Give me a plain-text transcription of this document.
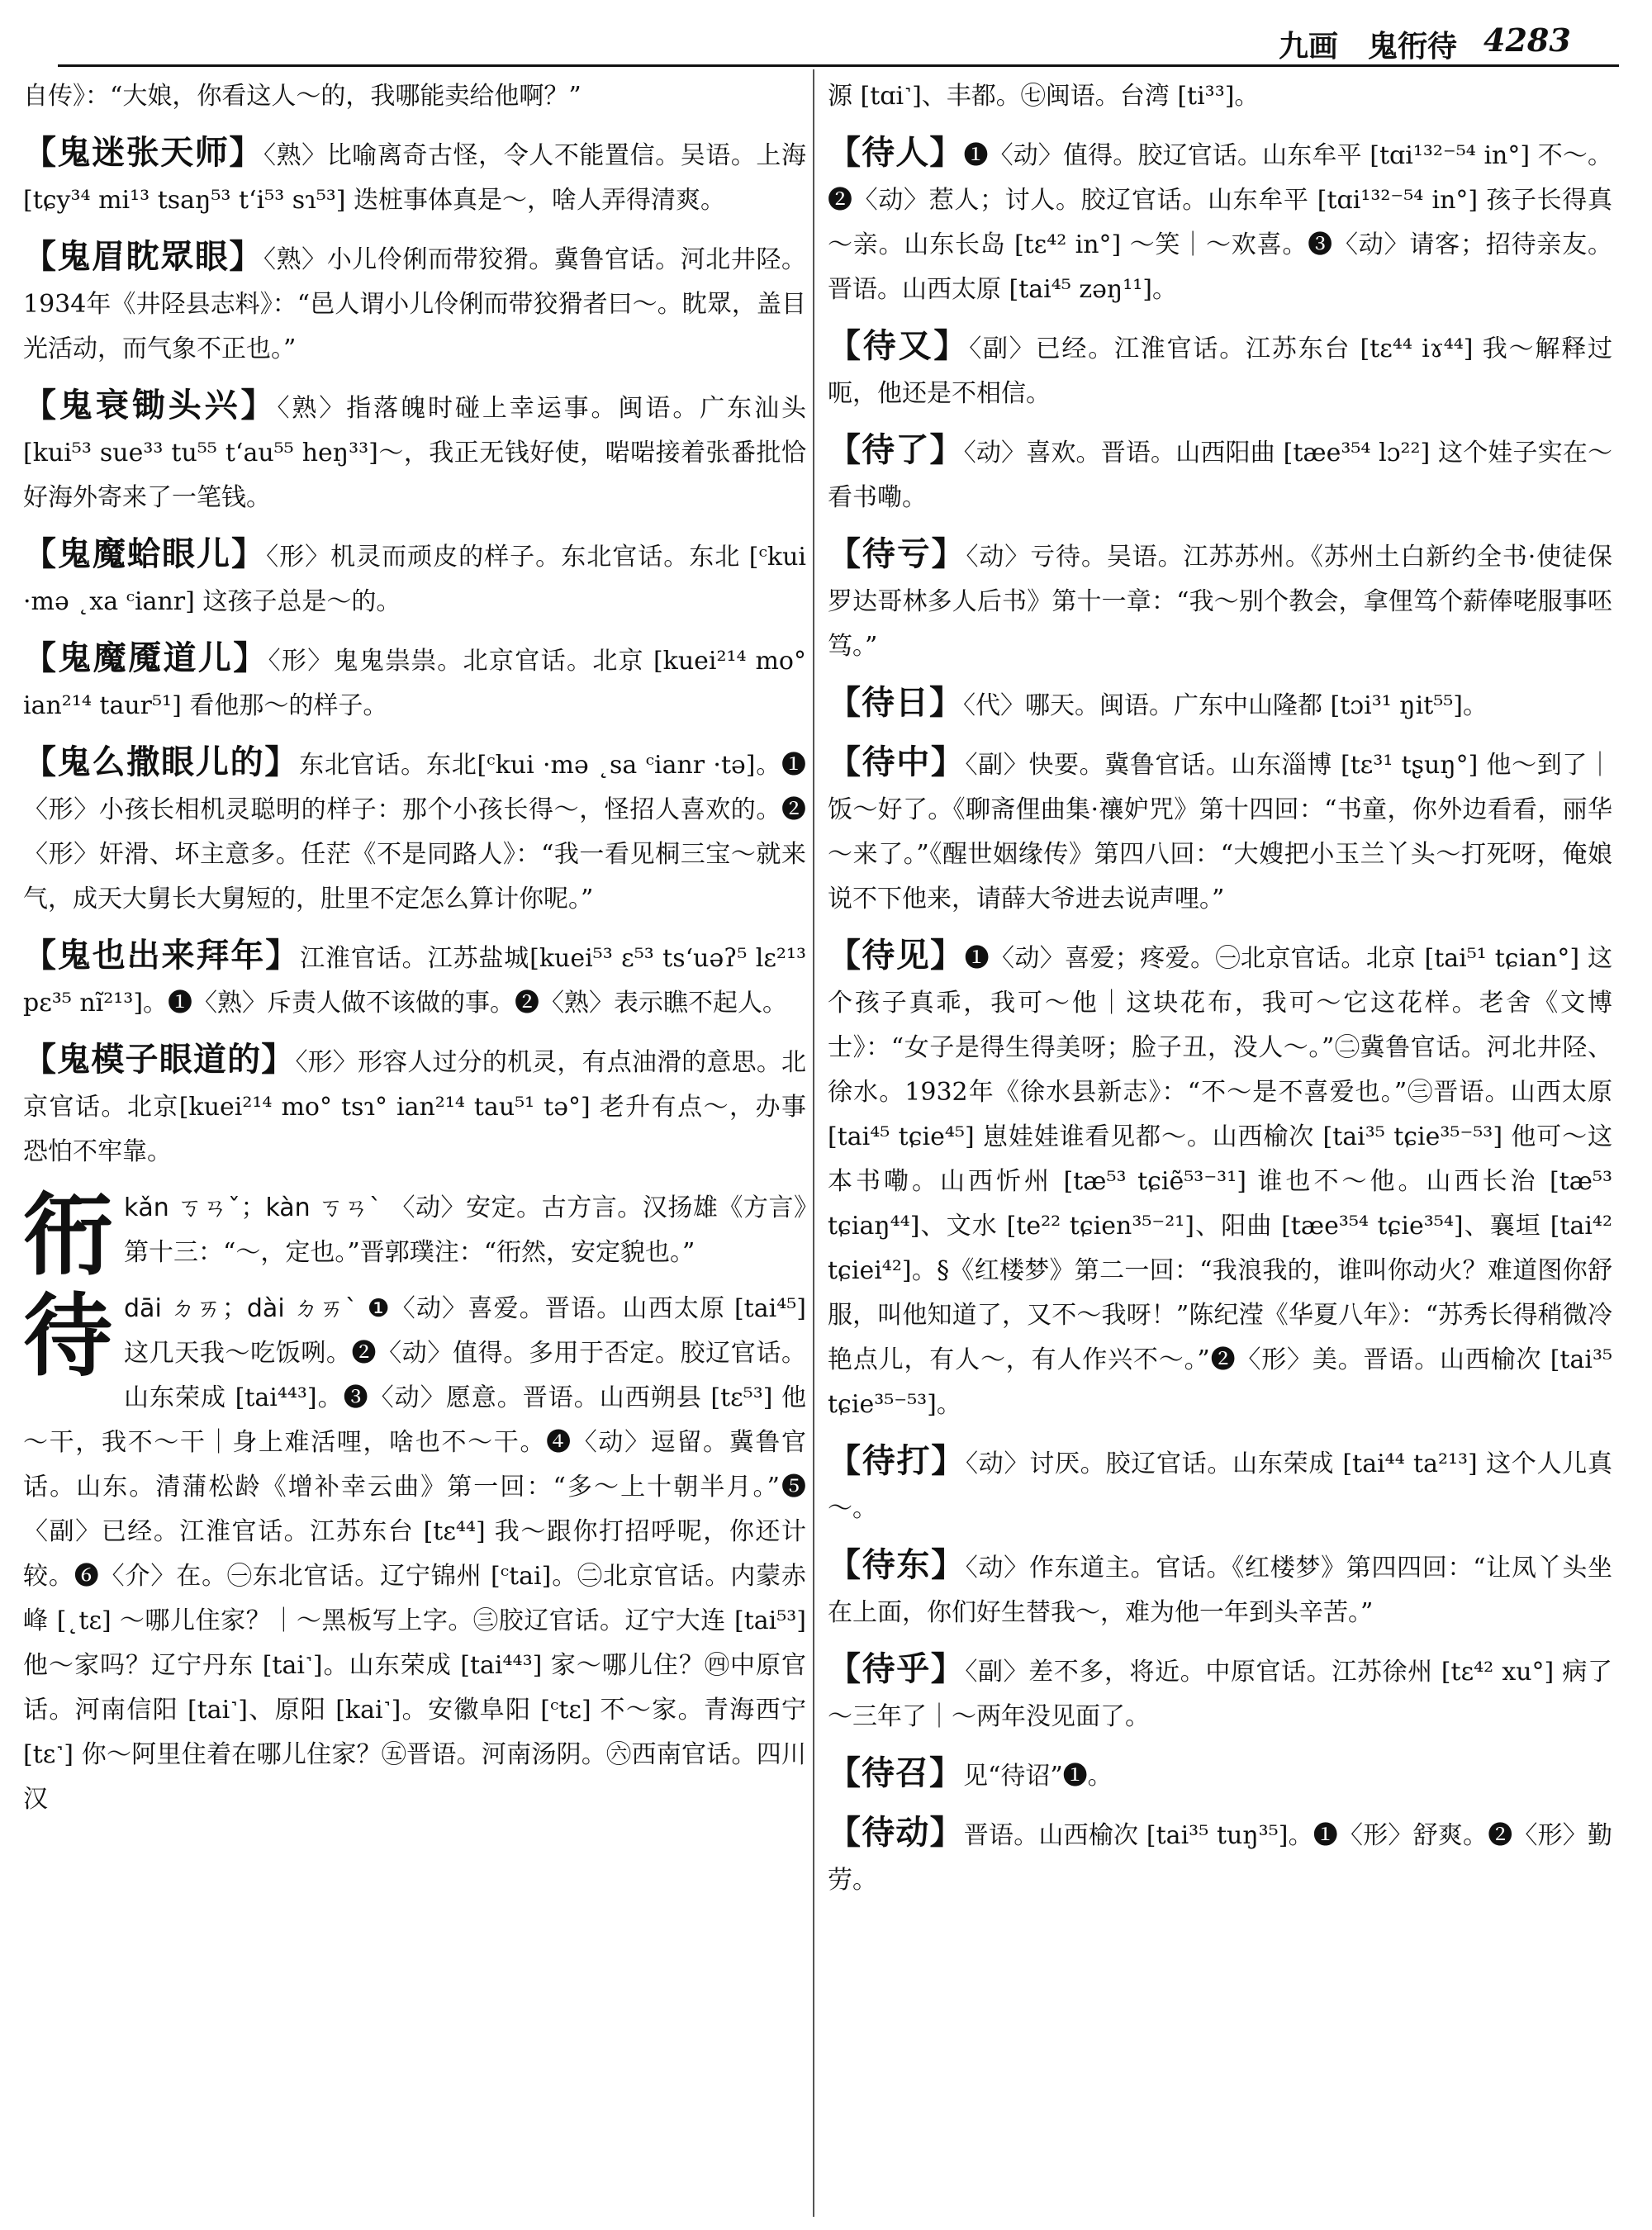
九画　鬼衎待 4283

自传》：“大娘，你看这人～的，我哪能卖给他啊？”

【鬼迷张天师】〈熟〉比喻离奇古怪，令人不能置信。吴语。上海 [tɕy³⁴ mi¹³ tsaŋ⁵³ t‘i⁵³ sɿ⁵³] 迭桩事体真是～，啥人弄得清爽。

【鬼眉眈眾眼】〈熟〉小儿伶俐而带狡猾。冀鲁官话。河北井陉。1934年《井陉县志料》：“邑人谓小儿伶俐而带狡猾者曰～。眈眾，盖目光活动，而气象不正也。”

【鬼衰锄头兴】〈熟〉指落魄时碰上幸运事。闽语。广东汕头 [kui⁵³ sue³³ tu⁵⁵ t‘au⁵⁵ heŋ³³]～，我正无钱好使，啱啱接着张番批恰好海外寄来了一笔钱。

【鬼魔蛤眼儿】〈形〉机灵而顽皮的样子。东北官话。东北 [ᶜkui ·mə ˛xa ᶜianr] 这孩子总是～的。

【鬼魔魇道儿】〈形〉鬼鬼祟祟。北京官话。北京 [kuei²¹⁴ mo° ian²¹⁴ taur⁵¹] 看他那～的样子。

【鬼么撒眼儿的】东北官话。东北[ᶜkui ·mə ˛sa ᶜianr ·tə]。❶〈形〉小孩长相机灵聪明的样子：那个小孩长得～，怪招人喜欢的。❷〈形〉奸滑、坏主意多。任茫《不是同路人》：“我一看见桐三宝～就来气，成天大舅长大舅短的，肚里不定怎么算计你呢。”

【鬼也出来拜年】江淮官话。江苏盐城[kuei⁵³ ɛ⁵³ ts‘uəʔ⁵ lɛ²¹³ pɛ³⁵ nĩ²¹³]。❶〈熟〉斥责人做不该做的事。❷〈熟〉表示瞧不起人。

【鬼模子眼道的】〈形〉形容人过分的机灵，有点油滑的意思。北京官话。北京[kuei²¹⁴ mo° tsɿ° ian²¹⁴ tau⁵¹ tə°] 老升有点～，办事恐怕不牢靠。

衎kǎn ㄎㄢˇ；kàn ㄎㄢˋ 〈动〉安定。古方言。汉扬雄《方言》第十三：“～，定也。”晋郭璞注：“衎然，安定貌也。”

待dāi ㄉㄞ；dài ㄉㄞˋ ❶〈动〉喜爱。晋语。山西太原 [tai⁴⁵] 这几天我～吃饭咧。❷〈动〉值得。多用于否定。胶辽官话。山东荣成 [tai⁴⁴³]。❸〈动〉愿意。晋语。山西朔县 [tɛ⁵³] 他～干，我不～干｜身上难活哩，啥也不～干。❹〈动〉逗留。冀鲁官话。山东。清蒲松龄《增补幸云曲》第一回：“多～上十朝半月。”❺〈副〉已经。江淮官话。江苏东台 [tɛ⁴⁴] 我～跟你打招呼呢，你还计较。❻〈介〉在。㊀东北官话。辽宁锦州 [ᶜtai]。㊁北京官话。内蒙赤峰 [˛tɛ] ～哪儿住家？｜～黑板写上字。㊂胶辽官话。辽宁大连 [tai⁵³] 他～家吗？辽宁丹东 [tai˺]。山东荣成 [tai⁴⁴³] 家～哪儿住？㊃中原官话。河南信阳 [tai˺]、原阳 [kai˺]。安徽阜阳 [ᶜtɛ] 不～家。青海西宁 [tɛ˺] 你～阿里住着在哪儿住家？㊄晋语。河南汤阴。㊅西南官话。四川汉

源 [tɑi˺]、丰都。㊆闽语。台湾 [ti³³]。

【待人】❶〈动〉值得。胶辽官话。山东牟平 [tɑi¹³²⁻⁵⁴ in°] 不～。❷〈动〉惹人；讨人。胶辽官话。山东牟平 [tɑi¹³²⁻⁵⁴ in°] 孩子长得真～亲。山东长岛 [tɛ⁴² in°] ～笑｜～欢喜。❸〈动〉请客；招待亲友。晋语。山西太原 [tai⁴⁵ zəŋ¹¹]。

【待又】〈副〉已经。江淮官话。江苏东台 [tɛ⁴⁴ iɤ⁴⁴] 我～解释过呃，他还是不相信。

【待了】〈动〉喜欢。晋语。山西阳曲 [tæe³⁵⁴ lɔ²²] 这个娃子实在～看书嘞。

【待亏】〈动〉亏待。吴语。江苏苏州。《苏州土白新约全书·使徒保罗达哥林多人后书》第十一章：“我～别个教会，拿俚笃个薪俸咾服事呸笃。”

【待日】〈代〉哪天。闽语。广东中山隆都 [tɔi³¹ ŋit⁵⁵]。

【待中】〈副〉快要。冀鲁官话。山东淄博 [tɛ³¹ tʂuŋ°] 他～到了｜饭～好了。《聊斋俚曲集·禳妒咒》第十四回：“书童，你外边看看，丽华～来了。”《醒世姻缘传》第四八回：“大嫂把小玉兰丫头～打死呀，俺娘说不下他来，请薛大爷进去说声哩。”

【待见】❶〈动〉喜爱；疼爱。㊀北京官话。北京 [tai⁵¹ tɕian°] 这个孩子真乖，我可～他｜这块花布，我可～它这花样。老舍《文博士》：“女子是得生得美呀；脸子丑，没人～。”㊁冀鲁官话。河北井陉、徐水。1932年《徐水县新志》：“不～是不喜爱也。”㊂晋语。山西太原 [tai⁴⁵ tɕie⁴⁵] 崽娃娃谁看见都～。山西榆次 [tai³⁵ tɕie³⁵⁻⁵³] 他可～这本书嘞。山西忻州 [tæ⁵³ tɕiẽ⁵³⁻³¹] 谁也不～他。山西长治 [tæ⁵³ tɕiaŋ⁴⁴]、文水 [te²² tɕien³⁵⁻²¹]、阳曲 [tæe³⁵⁴ tɕie³⁵⁴]、襄垣 [tai⁴² tɕiei⁴²]。§《红楼梦》第二一回：“我浪我的，谁叫你动火？难道图你舒服，叫他知道了，又不～我呀！”陈纪滢《华夏八年》：“苏秀长得稍微冷艳点儿，有人～，有人作兴不～。”❷〈形〉美。晋语。山西榆次 [tai³⁵ tɕie³⁵⁻⁵³]。

【待打】〈动〉讨厌。胶辽官话。山东荣成 [tai⁴⁴ ta²¹³] 这个人儿真～。

【待东】〈动〉作东道主。官话。《红楼梦》第四四回：“让凤丫头坐在上面，你们好生替我～，难为他一年到头辛苦。”

【待乎】〈副〉差不多，将近。中原官话。江苏徐州 [tɛ⁴² xu°] 病了～三年了｜～两年没见面了。

【待召】见“待诏”❶。

【待动】晋语。山西榆次 [tai³⁵ tuŋ³⁵]。❶〈形〉舒爽。❷〈形〉勤劳。
